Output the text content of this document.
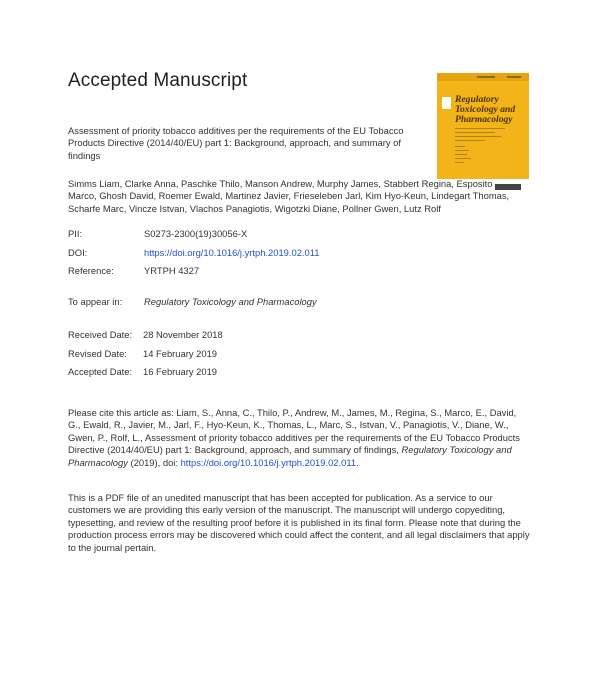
Accepted Manuscript
Regulatory Toxicology and Pharmacology
Assessment of priority tobacco additives per the requirements of the EU Tobacco Products Directive (2014/40/EU) part 1: Background, approach, and summary of findings
Simms Liam, Clarke Anna, Paschke Thilo, Manson Andrew, Murphy James, Stabbert Regina, Esposito Marco, Ghosh David, Roemer Ewald, Martinez Javier, Frieseleben Jarl, Kim Hyo-Keun, Lindegart Thomas, Scharfe Marc, Vincze Istvan, Vlachos Panagiotis, Wigotzki Diane, Pollner Gwen, Lutz Rolf
PII:	S0273-2300(19)30056-X
DOI:	https://doi.org/10.1016/j.yrtph.2019.02.011
Reference:	YRTPH 4327
To appear in: Regulatory Toxicology and Pharmacology
Received Date: 28 November 2018
Revised Date: 14 February 2019
Accepted Date: 16 February 2019
Please cite this article as: Liam, S., Anna, C., Thilo, P., Andrew, M., James, M., Regina, S., Marco, E., David, G., Ewald, R., Javier, M., Jarl, F., Hyo-Keun, K., Thomas, L., Marc, S., Istvan, V., Panagiotis, V., Diane, W., Gwen, P., Rolf, L., Assessment of priority tobacco additives per the requirements of the EU Tobacco Products Directive (2014/40/EU) part 1: Background, approach, and summary of findings, Regulatory Toxicology and Pharmacology (2019), doi: https://doi.org/10.1016/j.yrtph.2019.02.011.
This is a PDF file of an unedited manuscript that has been accepted for publication. As a service to our customers we are providing this early version of the manuscript. The manuscript will undergo copyediting, typesetting, and review of the resulting proof before it is published in its final form. Please note that during the production process errors may be discovered which could affect the content, and all legal disclaimers that apply to the journal pertain.
